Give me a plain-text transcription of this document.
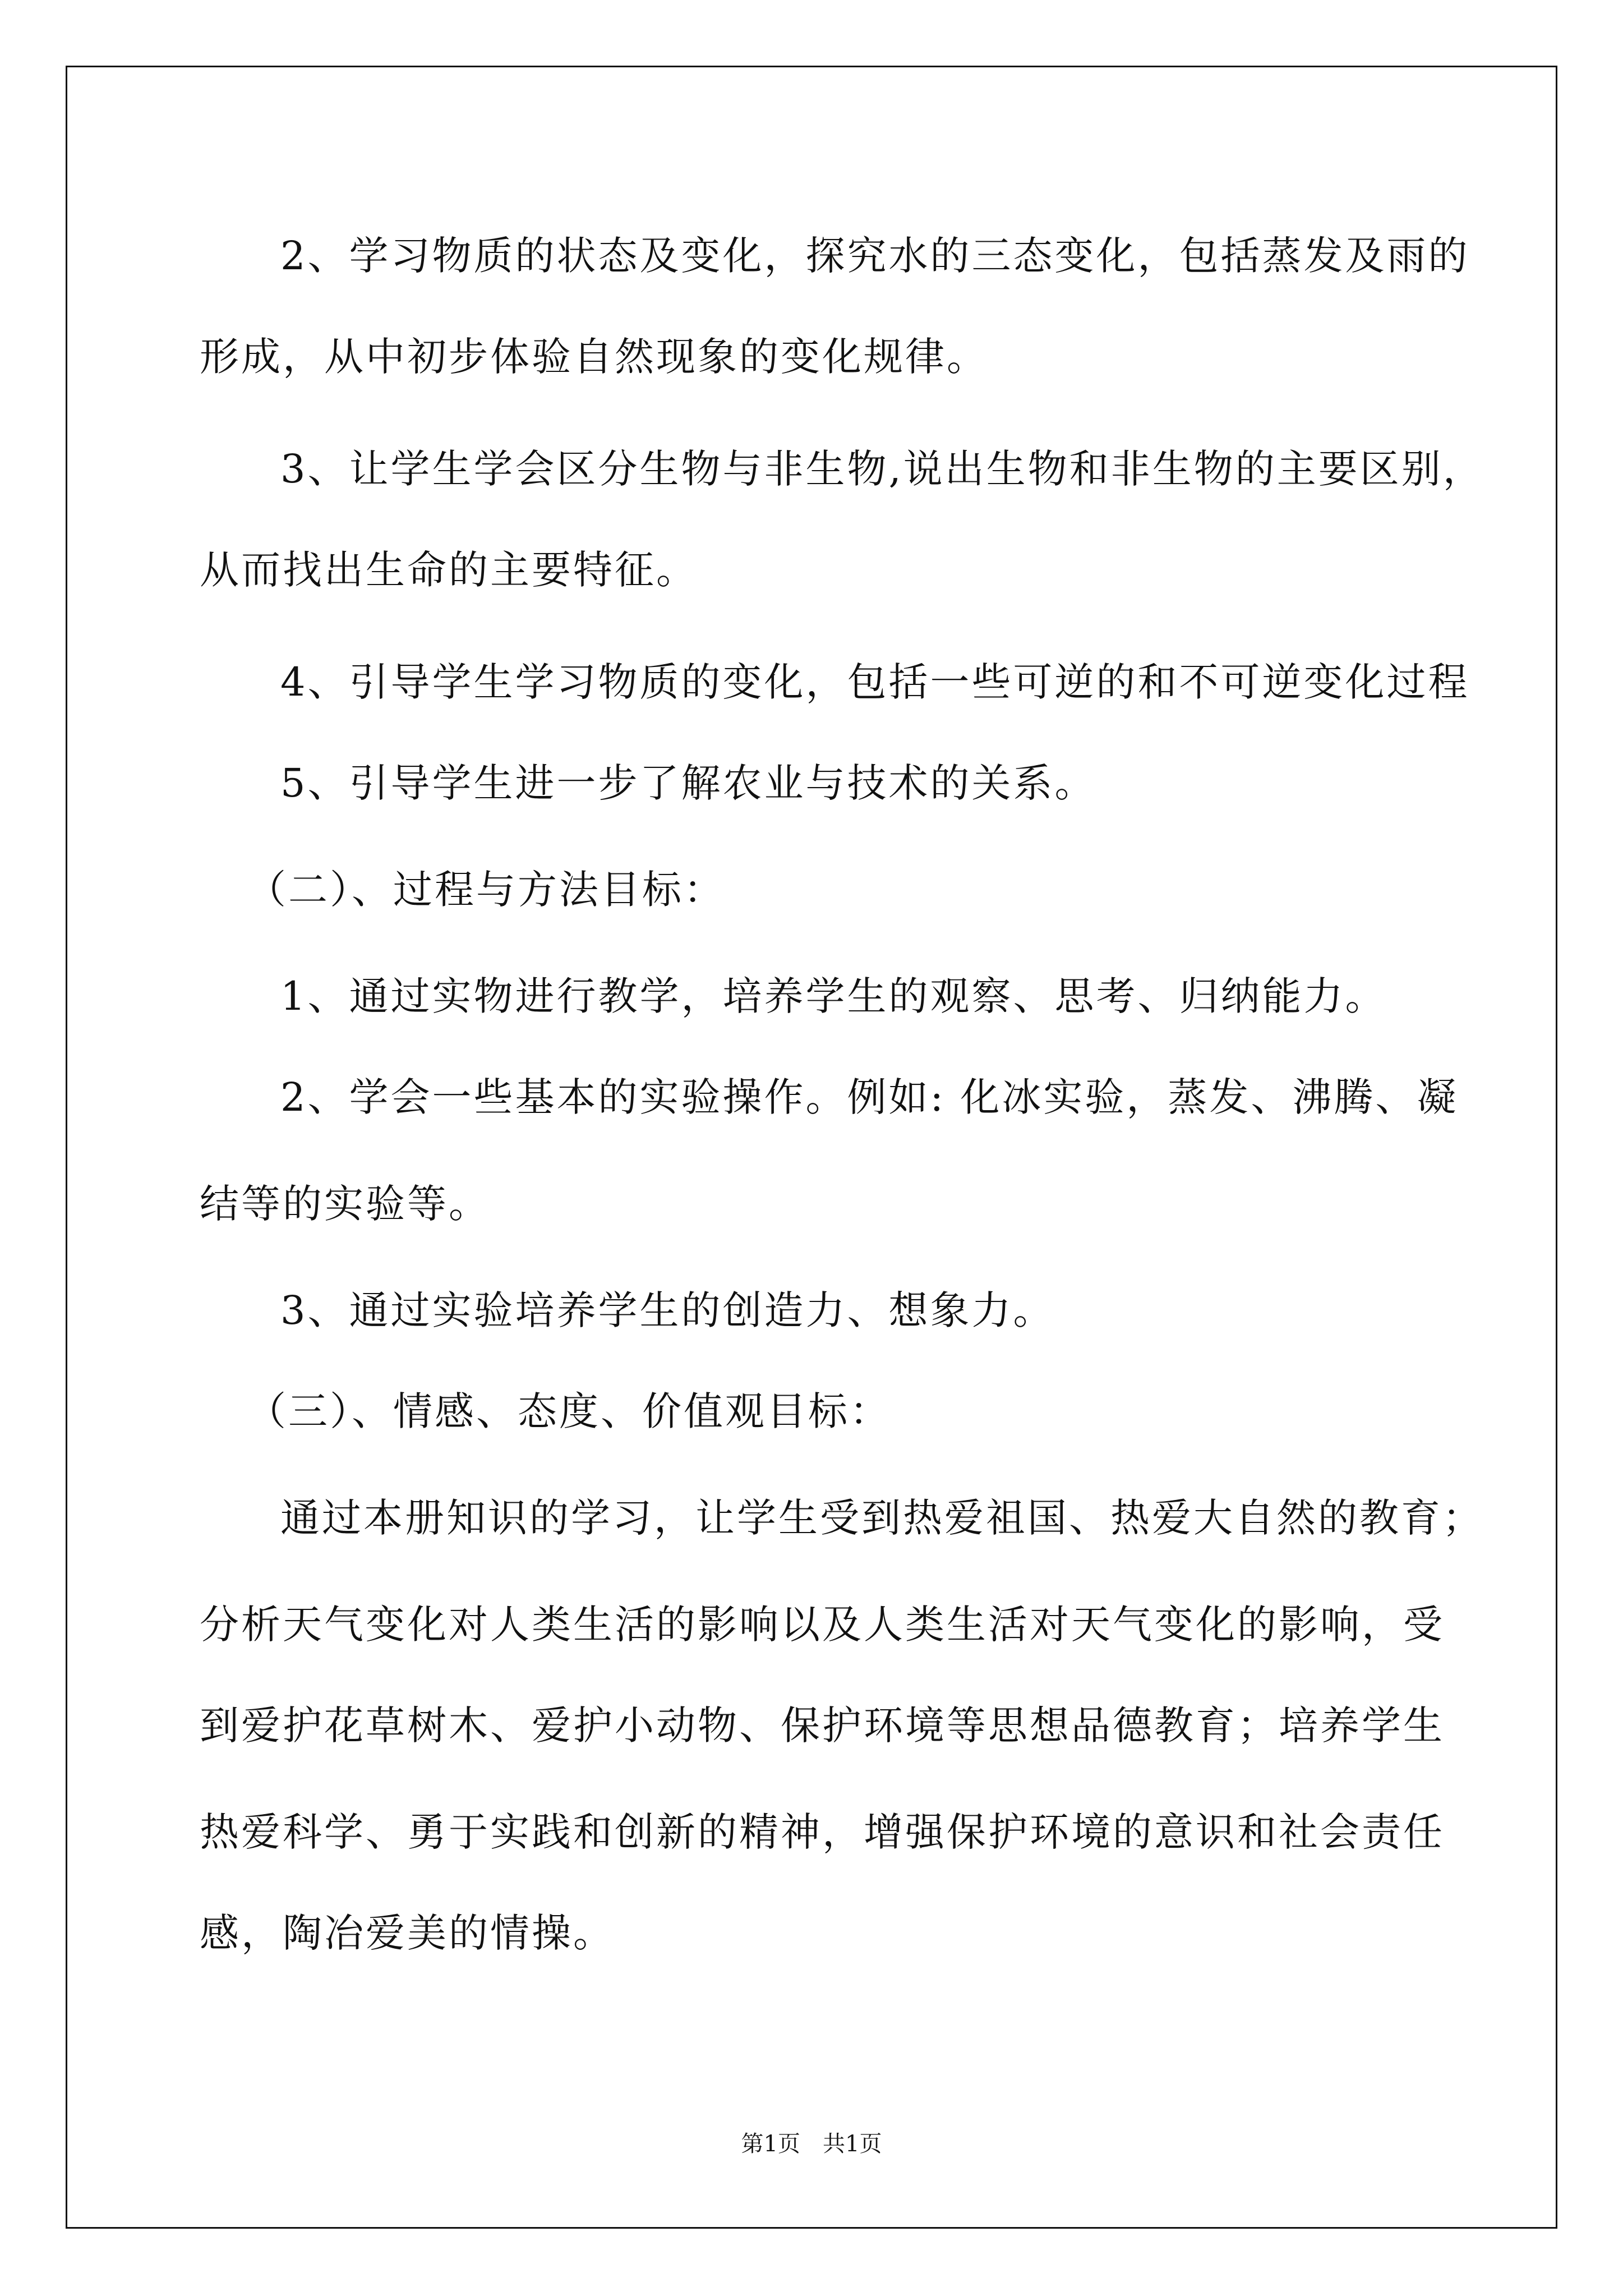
2、学习物质的状态及变化，探究水的三态变化，包括蒸发及雨的

形成，从中初步体验自然现象的变化规律。

3、让学生学会区分生物与非生物,说出生物和非生物的主要区别，

从而找出生命的主要特征。

4、引导学生学习物质的变化，包括一些可逆的和不可逆变化过程

5、引导学生进一步了解农业与技术的关系。

（二）、过程与方法目标：

1、通过实物进行教学，培养学生的观察、思考、归纳能力。

2、学会一些基本的实验操作。例如: 化冰实验，蒸发、沸腾、凝

结等的实验等。

3、通过实验培养学生的创造力、想象力。

（三）、情感、态度、价值观目标：

通过本册知识的学习，让学生受到热爱祖国、热爱大自然的教育；

分析天气变化对人类生活的影响以及人类生活对天气变化的影响，受

到爱护花草树木、爱护小动物、保护环境等思想品德教育；培养学生

热爱科学、勇于实践和创新的精神，增强保护环境的意识和社会责任

感，陶冶爱美的情操。

第1页　共1页
